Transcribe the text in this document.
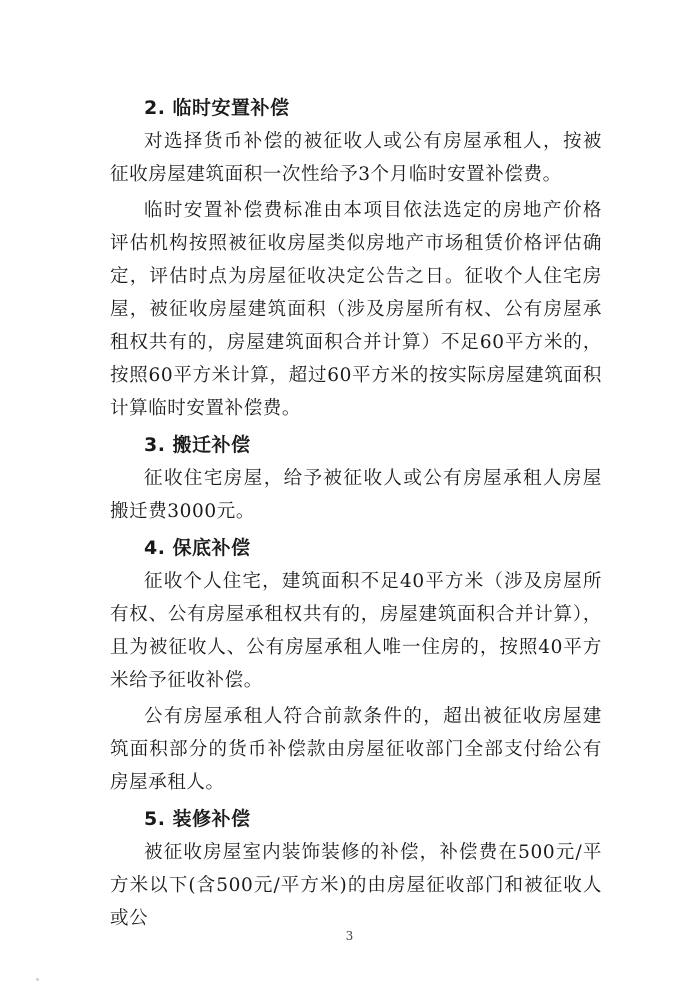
2. 临时安置补偿

对选择货币补偿的被征收人或公有房屋承租人，按被征收房屋建筑面积一次性给予3个月临时安置补偿费。

临时安置补偿费标准由本项目依法选定的房地产价格评估机构按照被征收房屋类似房地产市场租赁价格评估确定，评估时点为房屋征收决定公告之日。征收个人住宅房屋，被征收房屋建筑面积（涉及房屋所有权、公有房屋承租权共有的，房屋建筑面积合并计算）不足60平方米的，按照60平方米计算，超过60平方米的按实际房屋建筑面积计算临时安置补偿费。

3. 搬迁补偿

征收住宅房屋，给予被征收人或公有房屋承租人房屋搬迁费3000元。

4. 保底补偿

征收个人住宅，建筑面积不足40平方米（涉及房屋所有权、公有房屋承租权共有的，房屋建筑面积合并计算），且为被征收人、公有房屋承租人唯一住房的，按照40平方米给予征收补偿。

公有房屋承租人符合前款条件的，超出被征收房屋建筑面积部分的货币补偿款由房屋征收部门全部支付给公有房屋承租人。

5. 装修补偿

被征收房屋室内装饰装修的补偿，补偿费在500元/平方米以下(含500元/平方米)的由房屋征收部门和被征收人或公

3
